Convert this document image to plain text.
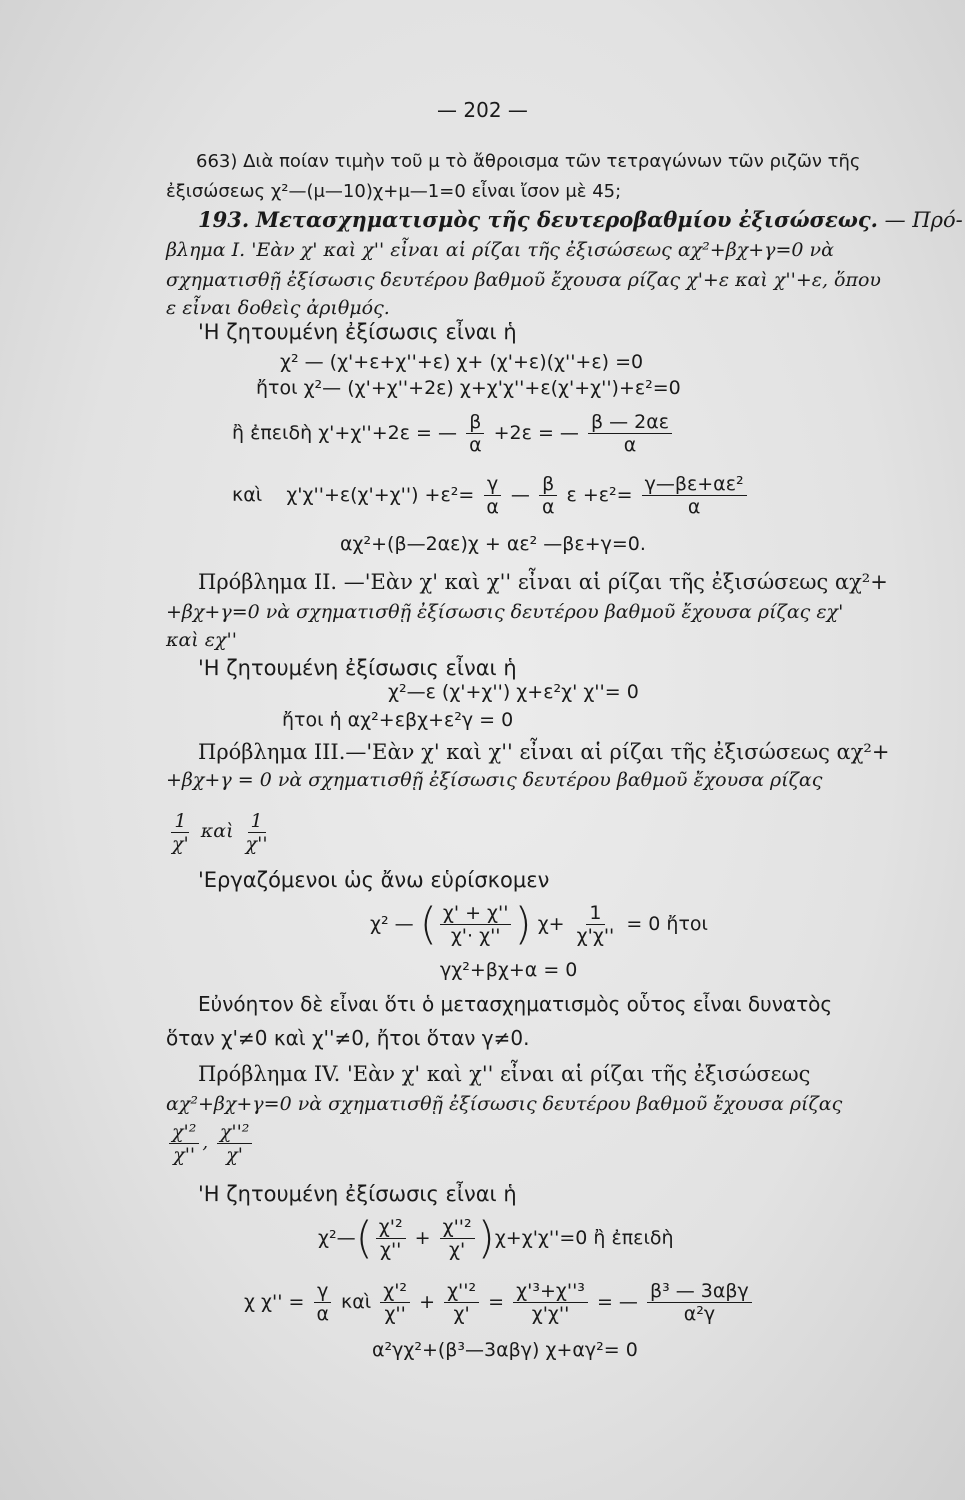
— 202 —
663) Διὰ ποίαν τιμὴν τοῦ μ τὸ ἄθροισμα τῶν τετραγώνων τῶν ριζῶν τῆς
ἐξισώσεως χ²—(μ—10)χ+μ—1=0 εἶναι ἴσον μὲ 45;
193. Μετασχηματισμὸς τῆς δευτεροβαθμίου ἐξισώσεως. — Πρό-
βλημα Ι. 'Εὰν χ' καὶ χ'' εἶναι αἱ ρίζαι τῆς ἐξισώσεως αχ²+βχ+γ=0 νὰ
σχηματισθῇ ἐξίσωσις δευτέρου βαθμοῦ ἔχουσα ρίζας χ'+ε καὶ χ''+ε, ὅπου
ε εἶναι δοθεὶς ἀριθμός.
'Η ζητουμένη ἐξίσωσις εἶναι ἡ
χ² — (χ'+ε+χ''+ε) χ+ (χ'+ε)(χ''+ε) =0
ἤτοι χ²— (χ'+χ''+2ε) χ+χ'χ''+ε(χ'+χ'')+ε²=0
ἢ ἐπειδὴ χ'+χ''+2ε = — $\frac{\beta}{\alpha} +2\varepsilon$ = — $\frac{\beta — 2\alpha\varepsilon}{\alpha}$
καὶ $\chi'\chi''+\varepsilon(\chi'+\chi'') +\varepsilon^2= \frac{\gamma}{\alpha}$ — $\frac{\beta}{\alpha}$ $\varepsilon +\varepsilon^2= \frac{\text{γ—βε+αε²}}{\alpha}$
αχ²+(β—2αε)χ + αε² —βε+γ=0.
Πρόβλημα ΙΙ. —'Εὰν χ' καὶ χ'' εἶναι αἱ ρίζαι τῆς ἐξισώσεως αχ²+
+βχ+γ=0 νὰ σχηματισθῇ ἐξίσωσις δευτέρου βαθμοῦ ἔχουσα ρίζας εχ'
καὶ εχ''
'Η ζητουμένη ἐξίσωσις εἶναι ἡ
χ²—ε (χ'+χ'') χ+ε²χ' χ''= 0
ἤτοι ἡ αχ²+εβχ+ε²γ = 0
Πρόβλημα ΙΙΙ.—'Εὰν χ' καὶ χ'' εἶναι αἱ ρίζαι τῆς ἐξισώσεως αχ²+
+βχ+γ = 0 νὰ σχηματισθῇ ἐξίσωσις δευτέρου βαθμοῦ ἔχουσα ρίζας
$\frac{1}{\chi'}$ καὶ $\frac{1}{\chi''}$
'Εργαζόμενοι ὡς ἄνω εὑρίσκομεν
χ² — ( $\frac{\chi' + \chi''}{\chi'\cdot \chi''}$ ) $\chi+ \frac{1}{\chi'\chi''} = 0$ ἤτοι
γχ²+βχ+α = 0
Εὐνόητον δὲ εἶναι ὅτι ὁ μετασχηματισμὸς οὗτος εἶναι δυνατὸς
ὅταν χ'≠0 καὶ χ''≠0, ἤτοι ὅταν γ≠0.
Πρόβλημα ΙV. 'Εὰν χ' καὶ χ'' εἶναι αἱ ρίζαι τῆς ἐξισώσεως
αχ²+βχ+γ=0 νὰ σχηματισθῇ ἐξίσωσις δευτέρου βαθμοῦ ἔχουσα ρίζας
$\frac{\text{χ'²}}{\chi''}$ , $\frac{\text{χ''²}}{\chi'}$
'Η ζητουμένη ἐξίσωσις εἶναι ἡ
χ²—( $\frac{\text{χ'²}}{\chi''} + \frac{\text{χ''²}}{\chi'} )\chi+\chi'\chi''=0$ ἢ ἐπειδὴ
χ $\chi'' = \frac{\gamma}{\alpha}$ καὶ $\frac{\text{χ'²}}{\chi''} + \frac{\text{χ''²}}{\chi'} = \frac{\text{χ'³+χ''³}}{\chi'\chi''}$ = — $\frac{\text{β³ — 3αβγ}}{\text{α²γ}}$
α²γχ²+(β³—3αβγ) χ+αγ²= 0
